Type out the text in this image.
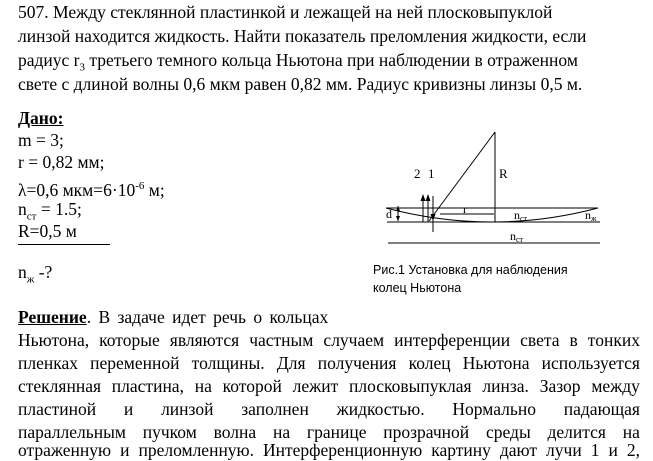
507. Между стеклянной пластинкой и лежащей на ней плосковыпуклой
линзой находится жидкость. Найти показатель преломления жидкости, если
радиус $r_3$ третьего темного кольца Ньютона при наблюдении в отраженном
свете с длиной волны 0,6 мкм равен 0,82 мм. Радиус кривизны линзы 0,5 м.
Дано:
m = 3;
r = 0,82 мм;
λ=0,6 $мкм=6\cdot 10^{-6}$ м;
$n_{ст} = 1.5$;
R=0,5 м
$n_ж$ -?
2 1	R
r
d	nст	nж
nст
Рис.1 Установка для наблюдения
колец Ньютона
Решение. В задаче идет речь о кольцах
Ньютона, которые являются частным случаем интерференции света в тонких
пленках переменной толщины. Для получения колец Ньютона используется
стеклянная пластина, на которой лежит плосковыпуклая линза. Зазор между
пластиной и линзой заполнен жидкостью. Нормально падающая
параллельным пучком волна на границе прозрачной среды делится на
отраженную и преломленную. Интерференционную картину дают лучи 1 и 2,
